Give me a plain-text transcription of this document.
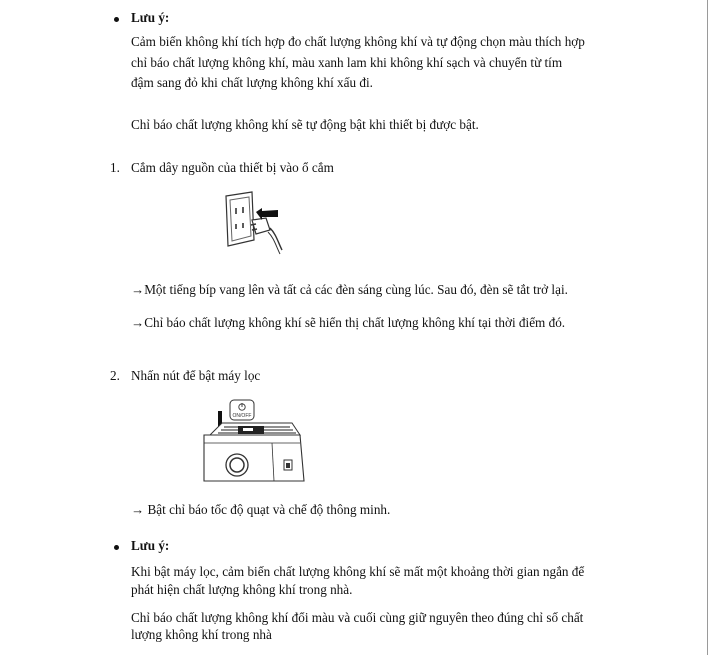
Lưu ý:
Cảm biến không khí tích hợp đo chất lượng không khí và tự động chọn màu thích hợp
chỉ báo chất lượng không khí, màu xanh lam khi không khí sạch và chuyển từ tím
đậm sang đỏ khi chất lượng không khí xấu đi.
Chỉ báo chất lượng không khí sẽ tự động bật khi thiết bị được bật.
1. Cắm dây nguồn của thiết bị vào ổ cắm
→Một tiếng bíp vang lên và tất cả các đèn sáng cùng lúc. Sau đó, đèn sẽ tắt trở lại.
→Chỉ báo chất lượng không khí sẽ hiển thị chất lượng không khí tại thời điểm đó.
2. Nhấn nút để bật máy lọc
ON/OFF
→ Bật chỉ báo tốc độ quạt và chế độ thông minh.
Lưu ý:
Khi bật máy lọc, cảm biến chất lượng không khí sẽ mất một khoảng thời gian ngắn để
phát hiện chất lượng không khí trong nhà.
Chỉ báo chất lượng không khí đổi màu và cuối cùng giữ nguyên theo đúng chỉ số chất
lượng không khí trong nhà
